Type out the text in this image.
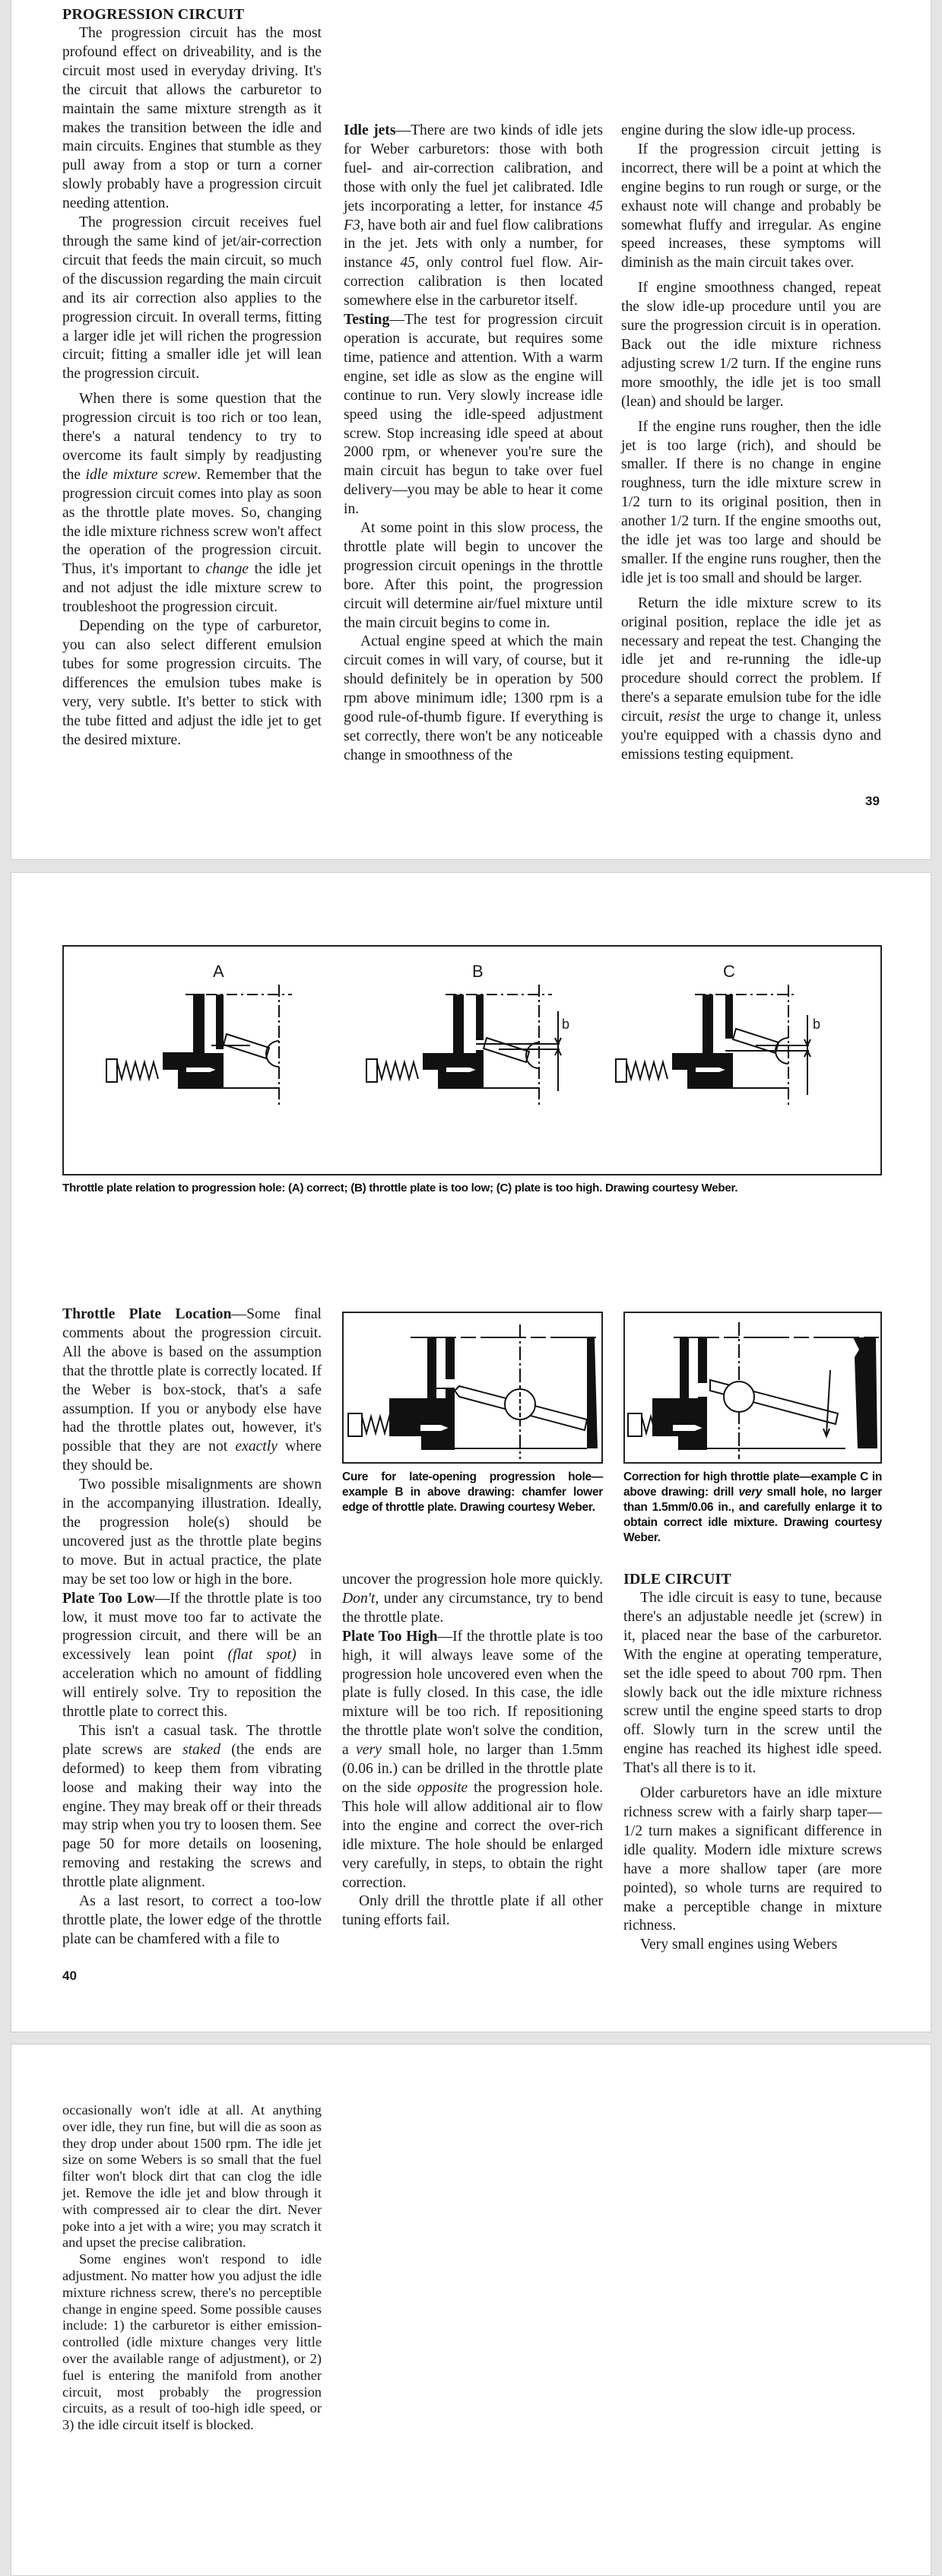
PROGRESSION CIRCUIT

The progression circuit has the most profound effect on driveability, and is the circuit most used in everyday driving. It's the circuit that allows the carburetor to maintain the same mixture strength as it makes the transition between the idle and main circuits. Engines that stumble as they pull away from a stop or turn a corner slowly probably have a progression circuit needing attention.

The progression circuit receives fuel through the same kind of jet/air-correction circuit that feeds the main circuit, so much of the discussion regarding the main circuit and its air correction also applies to the progression circuit. In overall terms, fitting a larger idle jet will richen the progression circuit; fitting a smaller idle jet will lean the progression circuit.

When there is some question that the progression circuit is too rich or too lean, there's a natural tendency to try to overcome its fault simply by readjusting the idle mixture screw. Remember that the progression circuit comes into play as soon as the throttle plate moves. So, changing the idle mixture richness screw won't affect the operation of the progression circuit. Thus, it's important to change the idle jet and not adjust the idle mixture screw to troubleshoot the progression circuit.

Depending on the type of carburetor, you can also select different emulsion tubes for some progression circuits. The differences the emulsion tubes make is very, very subtle. It's better to stick with the tube fitted and adjust the idle jet to get the desired mixture.

Idle jets—There are two kinds of idle jets for Weber carburetors: those with both fuel- and air-correction calibration, and those with only the fuel jet calibrated. Idle jets incorporating a letter, for instance 45 F3, have both air and fuel flow calibrations in the jet. Jets with only a number, for instance 45, only control fuel flow. Air-correction calibration is then located somewhere else in the carburetor itself.

Testing—The test for progression circuit operation is accurate, but requires some time, patience and attention. With a warm engine, set idle as slow as the engine will continue to run. Very slowly increase idle speed using the idle-speed adjustment screw. Stop increasing idle speed at about 2000 rpm, or whenever you're sure the main circuit has begun to take over fuel delivery—you may be able to hear it come in.

At some point in this slow process, the throttle plate will begin to uncover the progression circuit openings in the throttle bore. After this point, the progression circuit will determine air/fuel mixture until the main circuit begins to come in.

Actual engine speed at which the main circuit comes in will vary, of course, but it should definitely be in operation by 500 rpm above minimum idle; 1300 rpm is a good rule-of-thumb figure. If everything is set correctly, there won't be any noticeable change in smoothness of the

engine during the slow idle-up process.

If the progression circuit jetting is incorrect, there will be a point at which the engine begins to run rough or surge, or the exhaust note will change and probably be somewhat fluffy and irregular. As engine speed increases, these symptoms will diminish as the main circuit takes over.

If engine smoothness changed, repeat the slow idle-up procedure until you are sure the progression circuit is in operation. Back out the idle mixture richness adjusting screw 1/2 turn. If the engine runs more smoothly, the idle jet is too small (lean) and should be larger.

If the engine runs rougher, then the idle jet is too large (rich), and should be smaller. If there is no change in engine roughness, turn the idle mixture screw in 1/2 turn to its original position, then in another 1/2 turn. If the engine smooths out, the idle jet was too large and should be smaller. If the engine runs rougher, then the idle jet is too small and should be larger.

Return the idle mixture screw to its original position, replace the idle jet as necessary and repeat the test. Changing the idle jet and re-running the idle-up procedure should correct the problem. If there's a separate emulsion tube for the idle circuit, resist the urge to change it, unless you're equipped with a chassis dyno and emissions testing equipment.

39
A	B	C
b	b
Throttle plate relation to progression hole: (A) correct; (B) throttle plate is too low; (C) plate is too high. Drawing courtesy Weber.
Cure for late-opening progression hole—example B in above drawing: chamfer lower edge of throttle plate. Drawing courtesy Weber.
Correction for high throttle plate—example C in above drawing: drill very small hole, no larger than 1.5mm/0.06 in., and carefully enlarge it to obtain correct idle mixture. Drawing courtesy Weber.

Throttle Plate Location—Some final comments about the progression circuit. All the above is based on the assumption that the throttle plate is correctly located. If the Weber is box-stock, that's a safe assumption. If you or anybody else have had the throttle plates out, however, it's possible that they are not exactly where they should be.

Two possible misalignments are shown in the accompanying illustration. Ideally, the progression hole(s) should be uncovered just as the throttle plate begins to move. But in actual practice, the plate may be set too low or high in the bore.

Plate Too Low—If the throttle plate is too low, it must move too far to activate the progression circuit, and there will be an excessively lean point (flat spot) in acceleration which no amount of fiddling will entirely solve. Try to reposition the throttle plate to correct this.

This isn't a casual task. The throttle plate screws are staked (the ends are deformed) to keep them from vibrating loose and making their way into the engine. They may break off or their threads may strip when you try to loosen them. See page 50 for more details on loosening, removing and restaking the screws and throttle plate alignment.

As a last resort, to correct a too-low throttle plate, the lower edge of the throttle plate can be chamfered with a file to

uncover the progression hole more quickly. Don't, under any circumstance, try to bend the throttle plate.

Plate Too High—If the throttle plate is too high, it will always leave some of the progression hole uncovered even when the plate is fully closed. In this case, the idle mixture will be too rich. If repositioning the throttle plate won't solve the condition, a very small hole, no larger than 1.5mm (0.06 in.) can be drilled in the throttle plate on the side opposite the progression hole. This hole will allow additional air to flow into the engine and correct the over-rich idle mixture. The hole should be enlarged very carefully, in steps, to obtain the right correction.

Only drill the throttle plate if all other tuning efforts fail.

IDLE CIRCUIT

The idle circuit is easy to tune, because there's an adjustable needle jet (screw) in it, placed near the base of the carburetor. With the engine at operating temperature, set the idle speed to about 700 rpm. Then slowly back out the idle mixture richness screw until the engine speed starts to drop off. Slowly turn in the screw until the engine has reached its highest idle speed. That's all there is to it.

Older carburetors have an idle mixture richness screw with a fairly sharp taper—1/2 turn makes a significant difference in idle quality. Modern idle mixture screws have a more shallow taper (are more pointed), so whole turns are required to make a perceptible change in mixture richness.

Very small engines using Webers

40

occasionally won't idle at all. At anything over idle, they run fine, but will die as soon as they drop under about 1500 rpm. The idle jet size on some Webers is so small that the fuel filter won't block dirt that can clog the idle jet. Remove the idle jet and blow through it with compressed air to clear the dirt. Never poke into a jet with a wire; you may scratch it and upset the precise calibration.

Some engines won't respond to idle adjustment. No matter how you adjust the idle mixture richness screw, there's no perceptible change in engine speed. Some possible causes include: 1) the carburetor is either emission-controlled (idle mixture changes very little over the available range of adjustment), or 2) fuel is entering the manifold from another circuit, most probably the progression circuits, as a result of too-high idle speed, or 3) the idle circuit itself is blocked.
